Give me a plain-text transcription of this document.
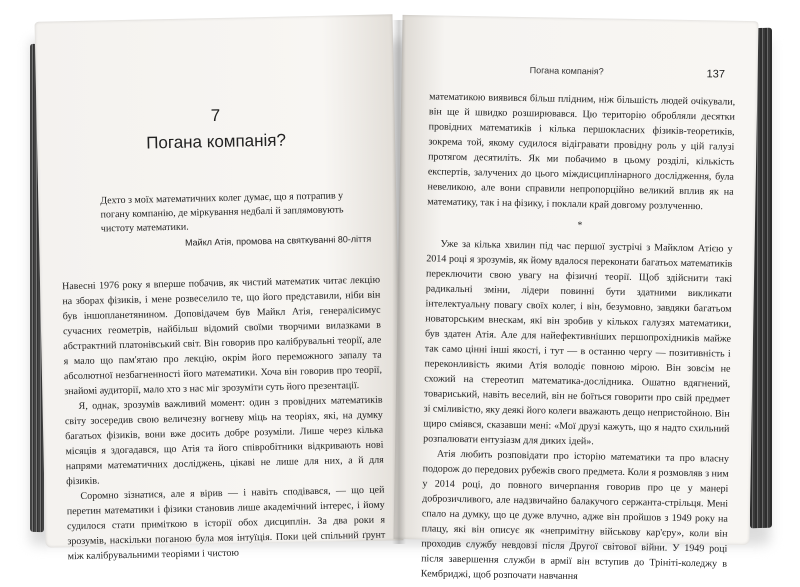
7
Погана компанія?
Дехто з моїх математичних колег думає, що я потрапив у погану компанію, де міркування недбалі й заплямовують чистоту математики.
Майкл Атія, промова на святкуванні 80-ліття

Навесні 1976 року я вперше побачив, як чистий математик читає лекцію на зборах фізиків, і мене розвеселило те, що його представили, ніби він був іншопланетянином. Доповідачем був Майкл Атія, генералісимус сучасних геометрів, найбільш відомий своїми творчими вилазками в абстрактний платонівський світ. Він говорив про калібрувальні теорії, але я мало що пам'ятаю про лекцію, окрім його переможного запалу та абсолютної незбагненності його математики. Хоча він говорив про теорії, знайомі аудиторії, мало хто з нас міг зрозуміти суть його презентації.

Я, однак, зрозумів важливий момент: один з провідних математиків світу зосередив свою величезну вогневу міць на теоріях, які, на думку багатьох фізиків, вони вже досить добре розуміли. Лише через кілька місяців я здогадався, що Атія та його співробітники відкривають нові напрями математичних досліджень, цікаві не лише для них, а й для фізиків.

Соромно зізнатися, але я вірив — і навіть сподівався, — що цей перетин математики і фізики становив лише академічний інтерес, і йому судилося стати приміткою в історії обох дисциплін. За два роки я зрозумів, наскільки поганою була моя інтуїція. Поки цей спільний ґрунт між калібрувальними теоріями і чистою

Погана компанія?	137

математикою виявився більш плідним, ніж більшість людей очікували, він ще й швидко розширювався. Цю територію обробляли десятки провідних математиків і кілька першокласних фізиків-теоретиків, зокрема той, якому судилося відігравати провідну роль у цій галузі протягом десятиліть. Як ми побачимо в цьому розділі, кількість експертів, залучених до цього міждисциплінарного дослідження, була невеликою, але вони справили непропорційно великий вплив як на математику, так і на фізику, і поклали край довгому розлученню.

*

Уже за кілька хвилин під час першої зустрічі з Майклом Атією у 2014 році я зрозумів, як йому вдалося переконати багатьох математиків переключити свою увагу на фізичні теорії. Щоб здійснити такі радикальні зміни, лідери повинні бути здатними викликати інтелектуальну повагу своїх колег, і він, безумовно, завдяки багатьом новаторським внескам, які він зробив у кількох галузях математики, був здатен Атія. Але для найефективніших першопрохідників майже так само цінні інші якості, і тут — в останню чергу — позитивність і переконливість якими Атія володіє повною мірою. Він зовсім не схожий на стереотип математика-дослідника. Ошатно вдягнений, товариський, навіть веселий, він не боїться говорити про свій предмет зі сміливістю, яку деякі його колеги вважають дещо непристойною. Він щиро сміявся, сказавши мені: «Мої друзі кажуть, що я надто схильний розпалювати ентузіазм для диких ідей».

Атія любить розповідати про історію математики та про власну подорож до передових рубежів свого предмета. Коли я розмовляв з ним у 2014 році, до повного вичерпання говорив про це у манері доброзичливого, але надзвичайно балакучого сержанта-стрільця. Мені спало на думку, що це дуже влучно, адже він пройшов з 1949 року на плацу, які він описує як «непримітну військову кар'єру», коли він проходив службу невдовзі після Другої світової війни. У 1949 році після завершення служби в армії він вступив до Трініті-коледжу в Кембриджі, щоб розпочати навчання
